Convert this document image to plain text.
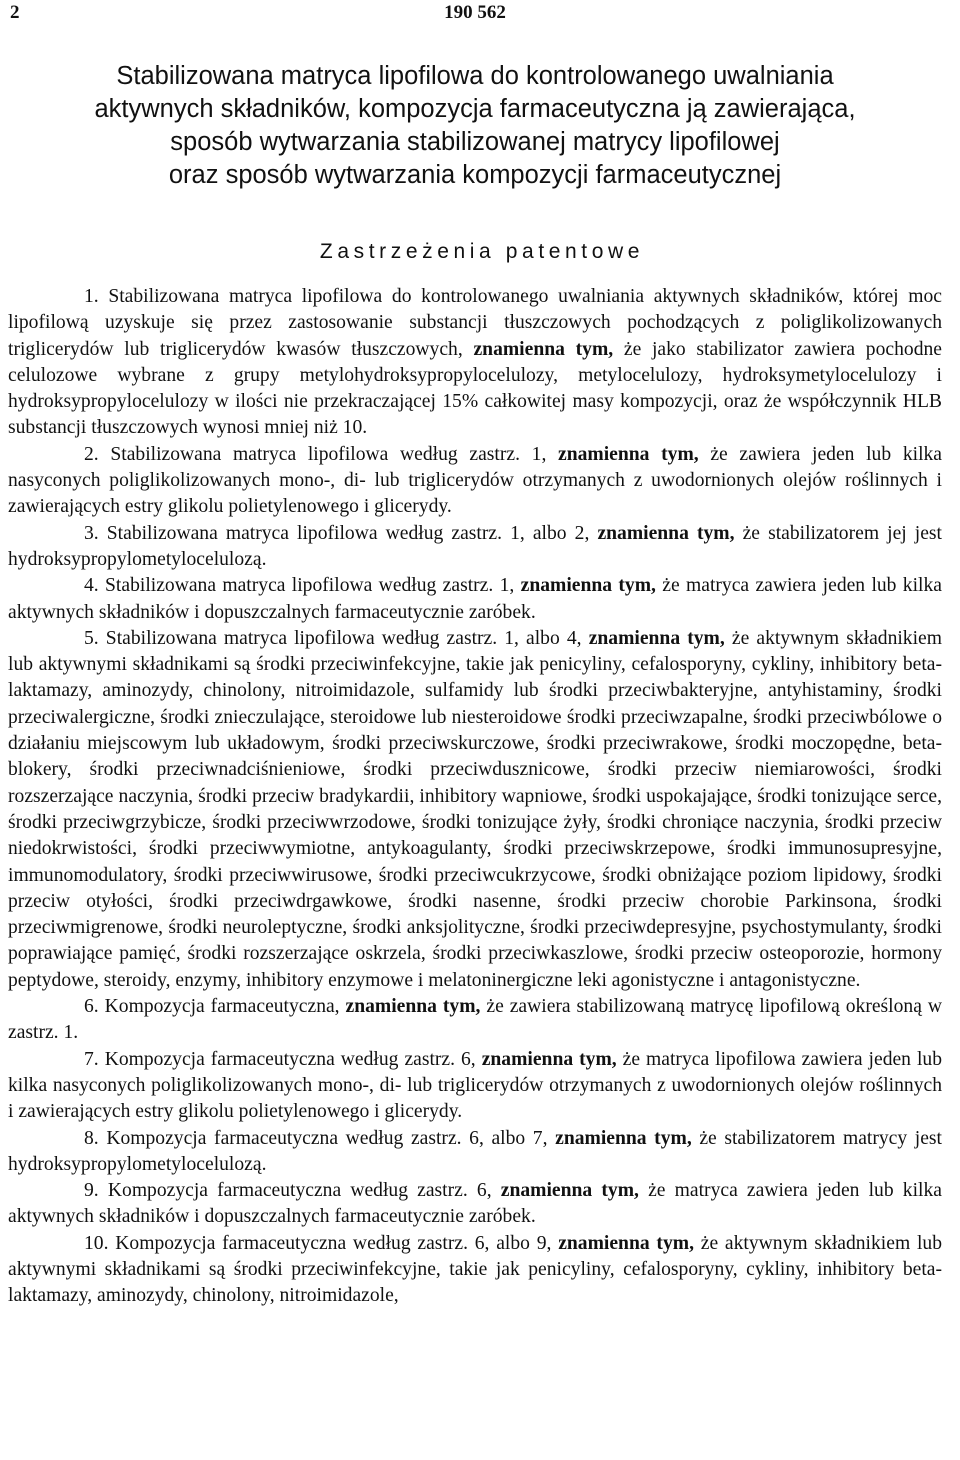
2	190 562
Stabilizowana matryca lipofilowa do kontrolowanego uwalniania
aktywnych składników, kompozycja farmaceutyczna ją zawierająca,
sposób wytwarzania stabilizowanej matrycy lipofilowej
oraz sposób wytwarzania kompozycji farmaceutycznej
Zastrzeżenia patentowe

1. Stabilizowana matryca lipofilowa do kontrolowanego uwalniania aktywnych składników, której moc lipofilową uzyskuje się przez zastosowanie substancji tłuszczowych pochodzących z poliglikolizowanych triglicerydów lub triglicerydów kwasów tłuszczowych, znamienna tym, że jako stabilizator zawiera pochodne celulozowe wybrane z grupy metylohydroksypropylocelulozy, metylocelulozy, hydroksymetylocelulozy i hydroksypropylocelulozy w ilości nie przekraczającej 15% całkowitej masy kompozycji, oraz że współczynnik HLB substancji tłuszczowych wynosi mniej niż 10.

2. Stabilizowana matryca lipofilowa według zastrz. 1, znamienna tym, że zawiera jeden lub kilka nasyconych poliglikolizowanych mono-, di- lub triglicerydów otrzymanych z uwodornionych olejów roślinnych i zawierających estry glikolu polietylenowego i glicerydy.

3. Stabilizowana matryca lipofilowa według zastrz. 1, albo 2, znamienna tym, że stabilizatorem jej jest hydroksypropylometylocelulozą.

4. Stabilizowana matryca lipofilowa według zastrz. 1, znamienna tym, że matryca zawiera jeden lub kilka aktywnych składników i dopuszczalnych farmaceutycznie zaróbek.

5. Stabilizowana matryca lipofilowa według zastrz. 1, albo 4, znamienna tym, że aktywnym składnikiem lub aktywnymi składnikami są środki przeciwinfekcyjne, takie jak penicyliny, cefalosporyny, cykliny, inhibitory beta-laktamazy, aminozydy, chinolony, nitroimidazole, sulfamidy lub środki przeciwbakteryjne, antyhistaminy, środki przeciwalergiczne, środki znieczulające, steroidowe lub niesteroidowe środki przeciwzapalne, środki przeciwbólowe o działaniu miejscowym lub układowym, środki przeciwskurczowe, środki przeciwrakowe, środki moczopędne, beta-blokery, środki przeciwnadciśnieniowe, środki przeciwdusznicowe, środki przeciw niemiarowości, środki rozszerzające naczynia, środki przeciw bradykardii, inhibitory wapniowe, środki uspokajające, środki tonizujące serce, środki przeciwgrzybicze, środki przeciwwrzodowe, środki tonizujące żyły, środki chroniące naczynia, środki przeciw niedokrwistości, środki przeciwwymiotne, antykoagulanty, środki przeciwskrzepowe, środki immunosupresyjne, immunomodulatory, środki przeciwwirusowe, środki przeciwcukrzycowe, środki obniżające poziom lipidowy, środki przeciw otyłości, środki przeciwdrgawkowe, środki nasenne, środki przeciw chorobie Parkinsona, środki przeciwmigrenowe, środki neuroleptyczne, środki anksjolityczne, środki przeciwdepresyjne, psychostymulanty, środki poprawiające pamięć, środki rozszerzające oskrzela, środki przeciwkaszlowe, środki przeciw osteoporozie, hormony peptydowe, steroidy, enzymy, inhibitory enzymowe i melatoninergiczne leki agonistyczne i antagonistyczne.

6. Kompozycja farmaceutyczna, znamienna tym, że zawiera stabilizowaną matrycę lipofilową określoną w zastrz. 1.

7. Kompozycja farmaceutyczna według zastrz. 6, znamienna tym, że matryca lipofilowa zawiera jeden lub kilka nasyconych poliglikolizowanych mono-, di- lub triglicerydów otrzymanych z uwodornionych olejów roślinnych i zawierających estry glikolu polietylenowego i glicerydy.

8. Kompozycja farmaceutyczna według zastrz. 6, albo 7, znamienna tym, że stabilizatorem matrycy jest hydroksypropylometylocelulozą.

9. Kompozycja farmaceutyczna według zastrz. 6, znamienna tym, że matryca zawiera jeden lub kilka aktywnych składników i dopuszczalnych farmaceutycznie zaróbek.

10. Kompozycja farmaceutyczna według zastrz. 6, albo 9, znamienna tym, że aktywnym składnikiem lub aktywnymi składnikami są środki przeciwinfekcyjne, takie jak penicyliny, cefalosporyny, cykliny, inhibitory beta-laktamazy, aminozydy, chinolony, nitroimidazole,
